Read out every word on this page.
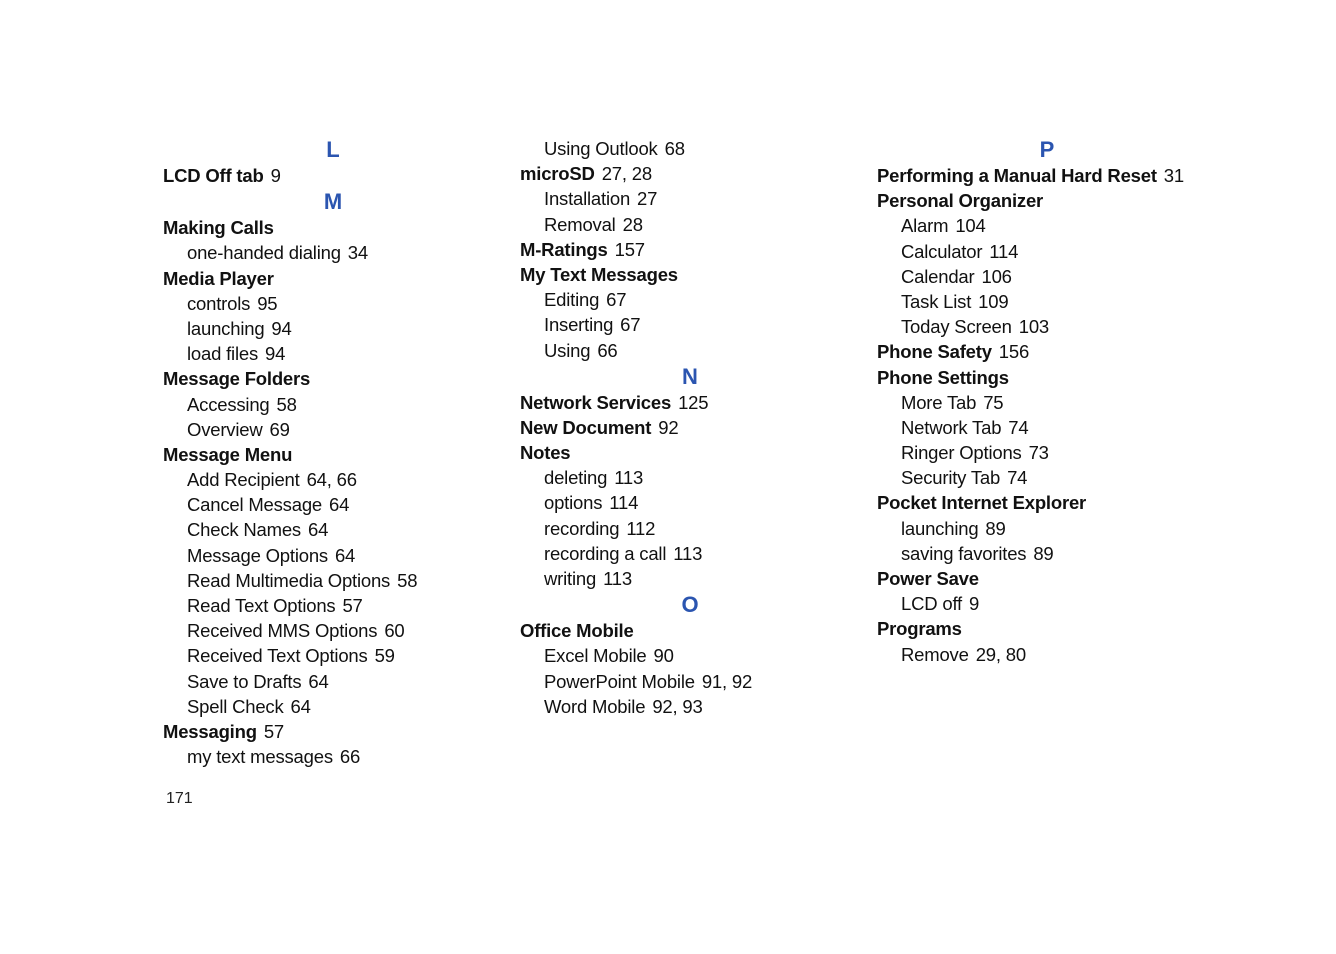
L
LCD Off tab 9
M
Making Calls
one-handed dialing 34
Media Player
controls 95
launching 94
load files 94
Message Folders
Accessing 58
Overview 69
Message Menu
Add Recipient 64, 66
Cancel Message 64
Check Names 64
Message Options 64
Read Multimedia Options 58
Read Text Options 57
Received MMS Options 60
Received Text Options 59
Save to Drafts 64
Spell Check 64
Messaging 57
my text messages 66
Using Outlook 68
microSD 27, 28
Installation 27
Removal 28
M-Ratings 157
My Text Messages
Editing 67
Inserting 67
Using 66
N
Network Services 125
New Document 92
Notes
deleting 113
options 114
recording 112
recording a call 113
writing 113
O
Office Mobile
Excel Mobile 90
PowerPoint Mobile 91, 92
Word Mobile 92, 93
P
Performing a Manual Hard Reset 31
Personal Organizer
Alarm 104
Calculator 114
Calendar 106
Task List 109
Today Screen 103
Phone Safety 156
Phone Settings
More Tab 75
Network Tab 74
Ringer Options 73
Security Tab 74
Pocket Internet Explorer
launching 89
saving favorites 89
Power Save
LCD off 9
Programs
Remove 29, 80
171
